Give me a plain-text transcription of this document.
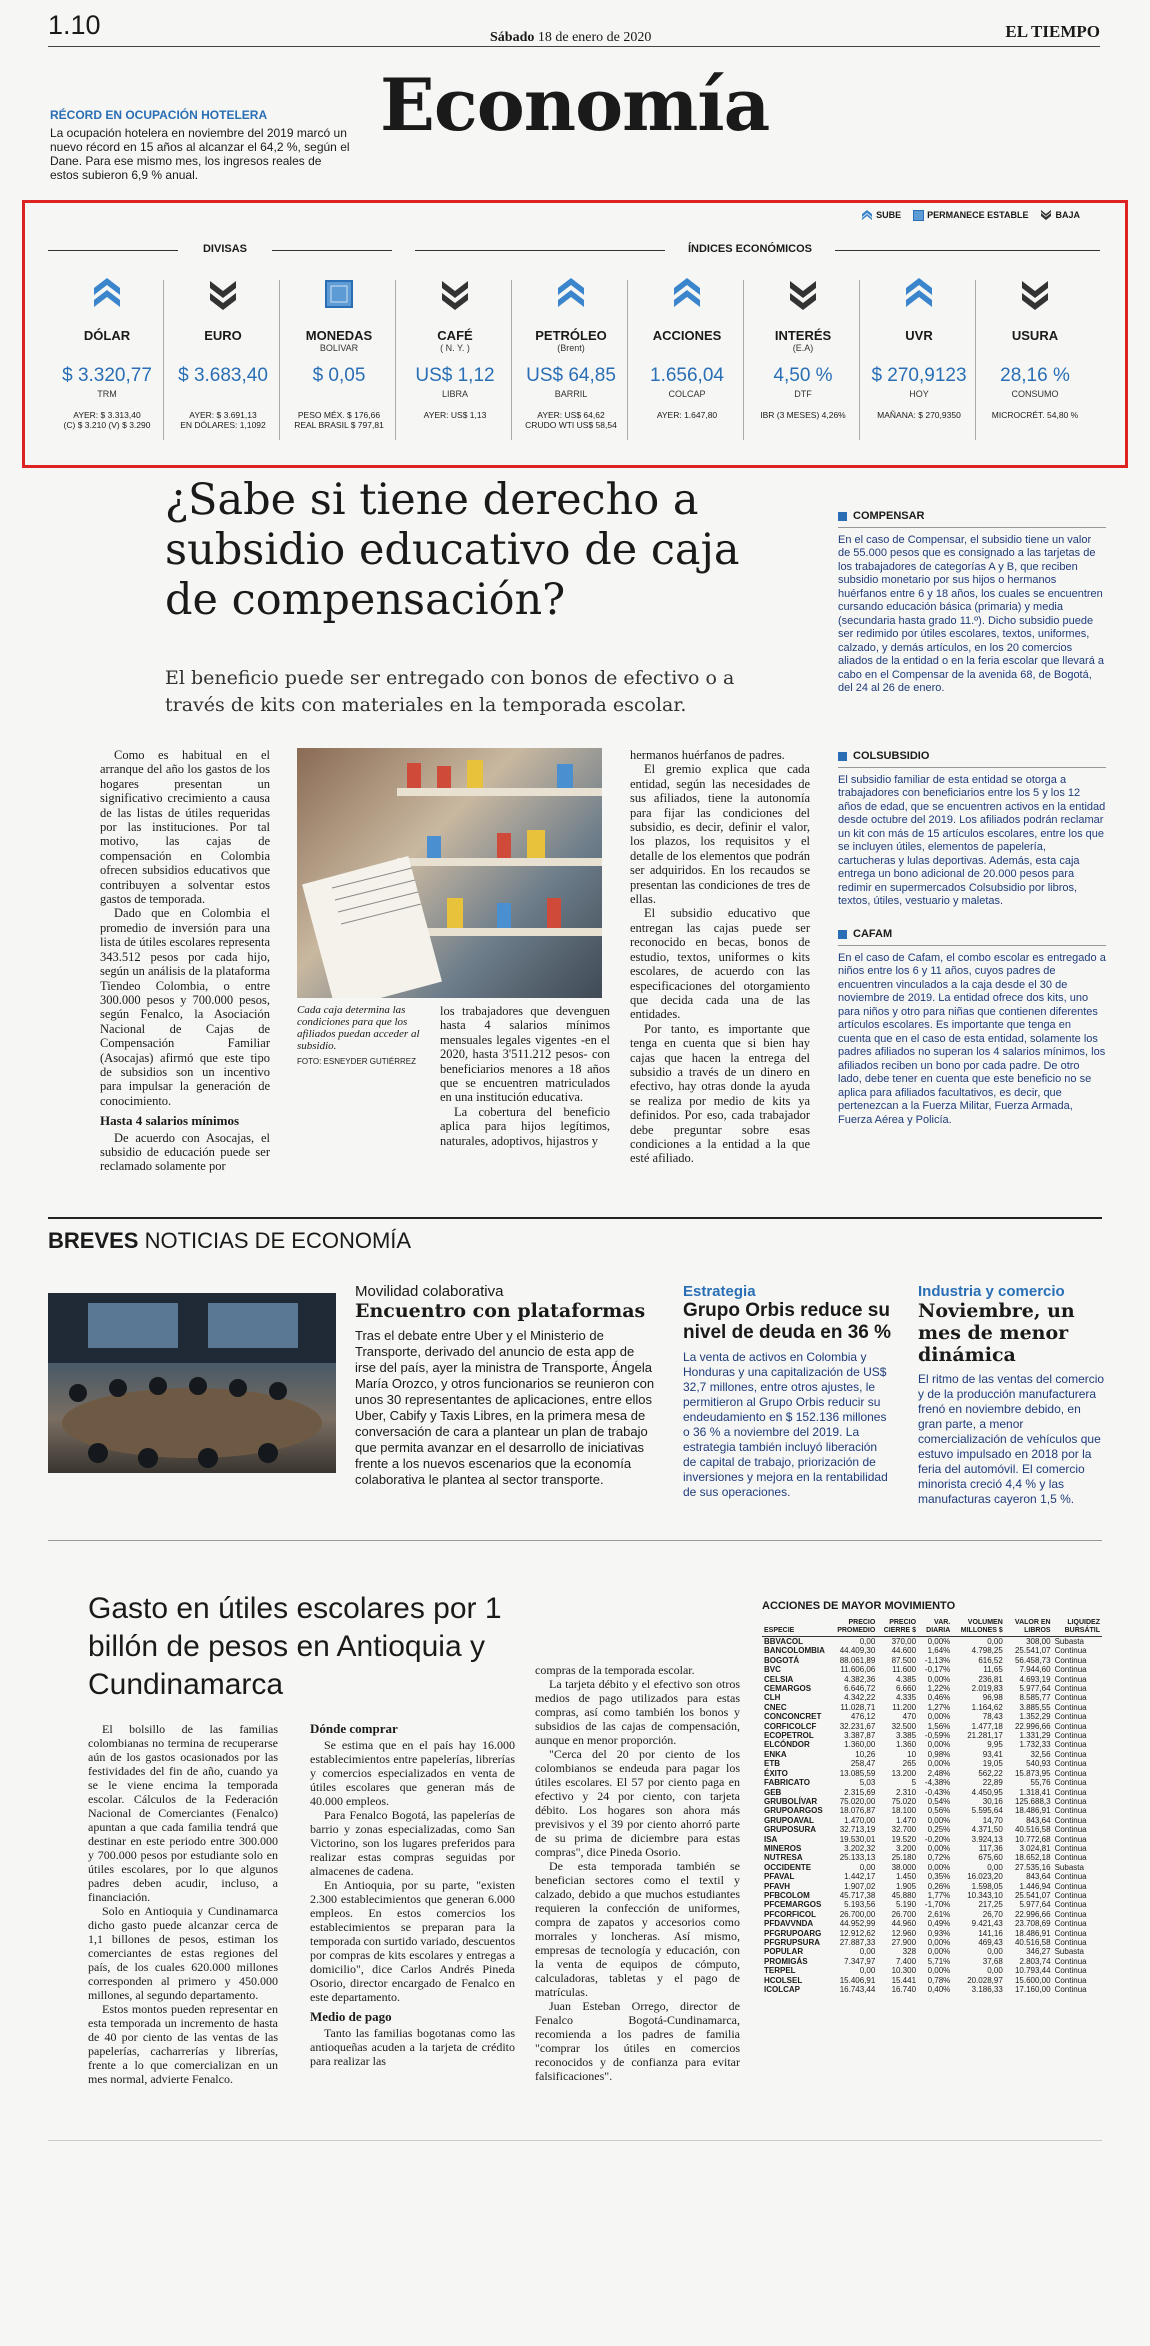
1.10	Sábado 18 de enero de 2020	EL TIEMPO
Economía
RÉCORD EN OCUPACIÓN HOTELERA

La ocupación hotelera en noviembre del 2019 marcó un nuevo récord en 15 años al alcanzar el 64,2 %, según el Dane. Para ese mismo mes, los ingresos reales de estos subieron 6,9 % anual.

SUBE	PERMANECE ESTABLE	BAJA
DIVISAS	ÍNDICES ECONÓMICOS
DÓLAR
$ 3.320,77
TRM
AYER: $ 3.313,40
(C) $ 3.210 (V) $ 3.290
EURO
$ 3.683,40
AYER: $ 3.691,13
EN DÓLARES: 1,1092
MONEDAS
BOLIVAR
$ 0,05
PESO MÉX. $ 176,66
REAL BRASIL $ 797,81
CAFÉ
( N. Y. )
US$ 1,12
LIBRA
AYER: US$ 1,13
PETRÓLEO
(Brent)
US$ 64,85
BARRIL
AYER: US$ 64,62
CRUDO WTI US$ 58,54
ACCIONES
1.656,04
COLCAP
AYER: 1.647,80
INTERÉS
(E.A)
4,50 %
DTF
IBR (3 MESES) 4,26%
UVR
$ 270,9123
HOY
MAÑANA: $ 270,9350
USURA
28,16 %
CONSUMO
MICROCRÉT. 54,80 %
¿Sabe si tiene derecho a subsidio educativo de caja de compensación?
El beneficio puede ser entregado con bonos de efectivo o a través de kits con materiales en la temporada escolar.

Como es habitual en el arranque del año los gastos de los hogares presentan un significativo crecimiento a causa de las listas de útiles requeridas por las instituciones. Por tal motivo, las cajas de compensación en Colombia ofrecen subsidios educativos que contribuyen a solventar estos gastos de temporada.

Dado que en Colombia el promedio de inversión para una lista de útiles escolares representa 343.512 pesos por cada hijo, según un análisis de la plataforma Tiendeo Colombia, o entre 300.000 pesos y 700.000 pesos, según Fenalco, la Asociación Nacional de Cajas de Compensación Familiar (Asocajas) afirmó que este tipo de subsidios son un incentivo para impulsar la generación de conocimiento.

Hasta 4 salarios mínimos

De acuerdo con Asocajas, el subsidio de educación puede ser reclamado solamente por

Cada caja determina las condiciones para que los afiliados puedan acceder al subsidio.
FOTO: ESNEYDER GUTIÉRREZ

los trabajadores que devenguen hasta 4 salarios mínimos mensuales legales vigentes -en el 2020, hasta 3'511.212 pesos- con beneficiarios menores a 18 años que se encuentren matriculados en una institución educativa.

La cobertura del beneficio aplica para hijos legítimos, naturales, adoptivos, hijastros y

hermanos huérfanos de padres.

El gremio explica que cada entidad, según las necesidades de sus afiliados, tiene la autonomía para fijar las condiciones del subsidio, es decir, definir el valor, los plazos, los requisitos y el detalle de los elementos que podrán ser adquiridos. En los recaudos se presentan las condiciones de tres de ellas.

El subsidio educativo que entregan las cajas puede ser reconocido en becas, bonos de estudio, textos, uniformes o kits escolares, de acuerdo con las especificaciones del otorgamiento que decida cada una de las entidades.

Por tanto, es importante que tenga en cuenta que si bien hay cajas que hacen la entrega del subsidio a través de un dinero en efectivo, hay otras donde la ayuda se realiza por medio de kits ya definidos. Por eso, cada trabajador debe preguntar sobre esas condiciones a la entidad a la que esté afiliado.

COMPENSAR

En el caso de Compensar, el subsidio tiene un valor de 55.000 pesos que es consignado a las tarjetas de los trabajadores de categorías A y B, que reciben subsidio monetario por sus hijos o hermanos huérfanos entre 6 y 18 años, los cuales se encuentren cursando educación básica (primaria) y media (secundaria hasta grado 11.º). Dicho subsidio puede ser redimido por útiles escolares, textos, uniformes, calzado, y demás artículos, en los 20 comercios aliados de la entidad o en la feria escolar que llevará a cabo en el Compensar de la avenida 68, de Bogotá, del 24 al 26 de enero.

COLSUBSIDIO

El subsidio familiar de esta entidad se otorga a trabajadores con beneficiarios entre los 5 y los 12 años de edad, que se encuentren activos en la entidad desde octubre del 2019. Los afiliados podrán reclamar un kit con más de 15 artículos escolares, entre los que se incluyen útiles, elementos de papelería, cartucheras y lulas deportivas. Además, esta caja entrega un bono adicional de 20.000 pesos para redimir en supermercados Colsubsidio por libros, textos, útiles, vestuario y maletas.

CAFAM

En el caso de Cafam, el combo escolar es entregado a niños entre los 6 y 11 años, cuyos padres de encuentren vinculados a la caja desde el 30 de noviembre de 2019. La entidad ofrece dos kits, uno para niños y otro para niñas que contienen diferentes artículos escolares. Es importante que tenga en cuenta que en el caso de esta entidad, solamente los padres afiliados no superan los 4 salarios mínimos, los afiliados reciben un bono por cada padre. De otro lado, debe tener en cuenta que este beneficio no se aplica para afiliados facultativos, es decir, que pertenezcan a la Fuerza Militar, Fuerza Armada, Fuerza Aérea y Policía.

BREVES NOTICIAS DE ECONOMÍA
Movilidad colaborativa
Encuentro con plataformas
Tras el debate entre Uber y el Ministerio de Transporte, derivado del anuncio de esta app de irse del país, ayer la ministra de Transporte, Ángela María Orozco, y otros funcionarios se reunieron con unos 30 representantes de aplicaciones, entre ellos Uber, Cabify y Taxis Libres, en la primera mesa de conversación de cara a plantear un plan de trabajo que permita avanzar en el desarrollo de iniciativas frente a los nuevos escenarios que la economía colaborativa le plantea al sector transporte.
Estrategia
Grupo Orbis reduce su nivel de deuda en 36 %
La venta de activos en Colombia y Honduras y una capitalización de US$ 32,7 millones, entre otros ajustes, le permitieron al Grupo Orbis reducir su endeudamiento en $ 152.136 millones o 36 % a noviembre del 2019. La estrategia también incluyó liberación de capital de trabajo, priorización de inversiones y mejora en la rentabilidad de sus operaciones.
Industria y comercio
Noviembre, un mes de menor dinámica
El ritmo de las ventas del comercio y de la producción manufacturera frenó en noviembre debido, en gran parte, a menor comercialización de vehículos que estuvo impulsado en 2018 por la feria del automóvil. El comercio minorista creció 4,4 % y las manufacturas cayeron 1,5 %.
Gasto en útiles escolares por 1 billón de pesos en Antioquia y Cundinamarca

El bolsillo de las familias colombianas no termina de recuperarse aún de los gastos ocasionados por las festividades del fin de año, cuando ya se le viene encima la temporada escolar. Cálculos de la Federación Nacional de Comerciantes (Fenalco) apuntan a que cada familia tendrá que destinar en este periodo entre 300.000 y 700.000 pesos por estudiante solo en útiles escolares, por lo que algunos padres deben acudir, incluso, a financiación.

Solo en Antioquia y Cundinamarca dicho gasto puede alcanzar cerca de 1,1 billones de pesos, estiman los comerciantes de estas regiones del país, de los cuales 620.000 millones corresponden al primero y 450.000 millones, al segundo departamento.

Estos montos pueden representar en esta temporada un incremento de hasta de 40 por ciento de las ventas de las papelerías, cacharrerías y librerías, frente a lo que comercializan en un mes normal, advierte Fenalco.

Dónde comprar

Se estima que en el país hay 16.000 establecimientos entre papelerías, librerías y comercios especializados en venta de útiles escolares que generan más de 40.000 empleos.

Para Fenalco Bogotá, las papelerías de barrio y zonas especializadas, como San Victorino, son los lugares preferidos para realizar estas compras seguidas por almacenes de cadena.

En Antioquia, por su parte, "existen 2.300 establecimientos que generan 6.000 empleos. En estos comercios los establecimientos se preparan para la temporada con surtido variado, descuentos por compras de kits escolares y entregas a domicilio", dice Carlos Andrés Pineda Osorio, director encargado de Fenalco en este departamento.

Medio de pago

Tanto las familias bogotanas como las antioqueñas acuden a la tarjeta de crédito para realizar las

compras de la temporada escolar.

La tarjeta débito y el efectivo son otros medios de pago utilizados para estas compras, así como también los bonos y subsidios de las cajas de compensación, aunque en menor proporción.

"Cerca del 20 por ciento de los colombianos se endeuda para pagar los útiles escolares. El 57 por ciento paga en efectivo y 24 por ciento, con tarjeta débito. Los hogares son ahora más previsivos y el 39 por ciento ahorró parte de su prima de diciembre para estas compras", dice Pineda Osorio.

De esta temporada también se benefician sectores como el textil y calzado, debido a que muchos estudiantes requieren la confección de uniformes, compra de zapatos y accesorios como morrales y loncheras. Así mismo, empresas de tecnología y educación, con la venta de equipos de cómputo, calculadoras, tabletas y el pago de matrículas.

Juan Esteban Orrego, director de Fenalco Bogotá-Cundinamarca, recomienda a los padres de familia "comprar los útiles en comercios reconocidos y de confianza para evitar falsificaciones".

ACCIONES DE MAYOR MOVIMIENTO
ESPECIE	PRECIO PROMEDIO	PRECIO CIERRE $	VAR. DIARIA	VOLUMEN MILLONES $	VALOR EN LIBROS	LIQUIDEZ BURSÁTIL
BBVACOL	0,00	370,00	0,00%	0,00	308,00	Subasta
BANCOLOMBIA	44.409,30	44.600	1,64%	4.798,25	25.541,07	Continua
BOGOTÁ	88.061,89	87.500	-1,13%	616,52	56.458,73	Continua
BVC	11.606,06	11.600	-0,17%	11,65	7.944,60	Continua
CELSIA	4.382,36	4.385	0,00%	236,81	4.693,19	Continua
CEMARGOS	6.646,72	6.660	1,22%	2.019,83	5.977,64	Continua
CLH	4.342,22	4.335	0,46%	96,98	8.585,77	Continua
CNEC	11.028,71	11.200	1,27%	1.164,62	3.885,55	Continua
CONCONCRET	476,12	470	0,00%	78,43	1.352,29	Continua
CORFICOLCF	32.231,67	32.500	1,56%	1.477,18	22.996,66	Continua
ECOPETROL	3.387,87	3.385	-0,59%	21.281,17	1.331,29	Continua
ELCÓNDOR	1.360,00	1.360	0,00%	9,95	1.732,33	Continua
ENKA	10,26	10	0,98%	93,41	32,56	Continua
ETB	258,47	265	0,00%	19,05	540,93	Continua
ÉXITO	13.085,59	13.200	2,48%	562,22	15.873,95	Continua
FABRICATO	5,03	5	-4,38%	22,89	55,76	Continua
GEB	2.315,69	2.310	-0,43%	4.450,95	1.318,41	Continua
GRUBOLÍVAR	75.020,00	75.020	0,54%	30,16	125.688,3	Continua
GRUPOARGOS	18.076,87	18.100	0,56%	5.595,64	18.486,91	Continua
GRUPOAVAL	1.470,00	1.470	0,00%	14,70	843,64	Continua
GRUPOSURA	32.713,19	32.700	0,25%	4.371,50	40.516,58	Continua
ISA	19.530,01	19.520	-0,20%	3.924,13	10.772,68	Continua
MINEROS	3.202,32	3.200	0,00%	117,36	3.024,81	Continua
NUTRESA	25.133,13	25.180	0,72%	675,60	18.652,18	Continua
OCCIDENTE	0,00	38.000	0,00%	0,00	27.535,16	Subasta
PFAVAL	1.442,17	1.450	0,35%	16.023,20	843,64	Continua
PFAVH	1.907,02	1.905	0,26%	1.598,05	1.446,94	Continua
PFBCOLOM	45.717,38	45.880	1,77%	10.343,10	25.541,07	Continua
PFCEMARGOS	5.193,56	5.190	-1,70%	217,25	5.977,64	Continua
PFCORFICOL	26.700,00	26.700	2,61%	26,70	22.996,66	Continua
PFDAVVNDA	44.952,99	44.960	0,49%	9.421,43	23.708,69	Continua
PFGRUPOARG	12.912,62	12.960	0,93%	141,16	18.486,91	Continua
PFGRUPSURA	27.887,33	27.900	0,00%	469,43	40.516,58	Continua
POPULAR	0,00	328	0,00%	0,00	346,27	Subasta
PROMIGÁS	7.347,97	7.400	5,71%	37,68	2.803,74	Continua
TERPEL	0,00	10.300	0,00%	0,00	10.793,44	Continua
HCOLSEL	15.406,91	15.441	0,78%	20.028,97	15.600,00	Continua
ICOLCAP	16.743,44	16.740	0,40%	3.186,33	17.160,00	Continua
